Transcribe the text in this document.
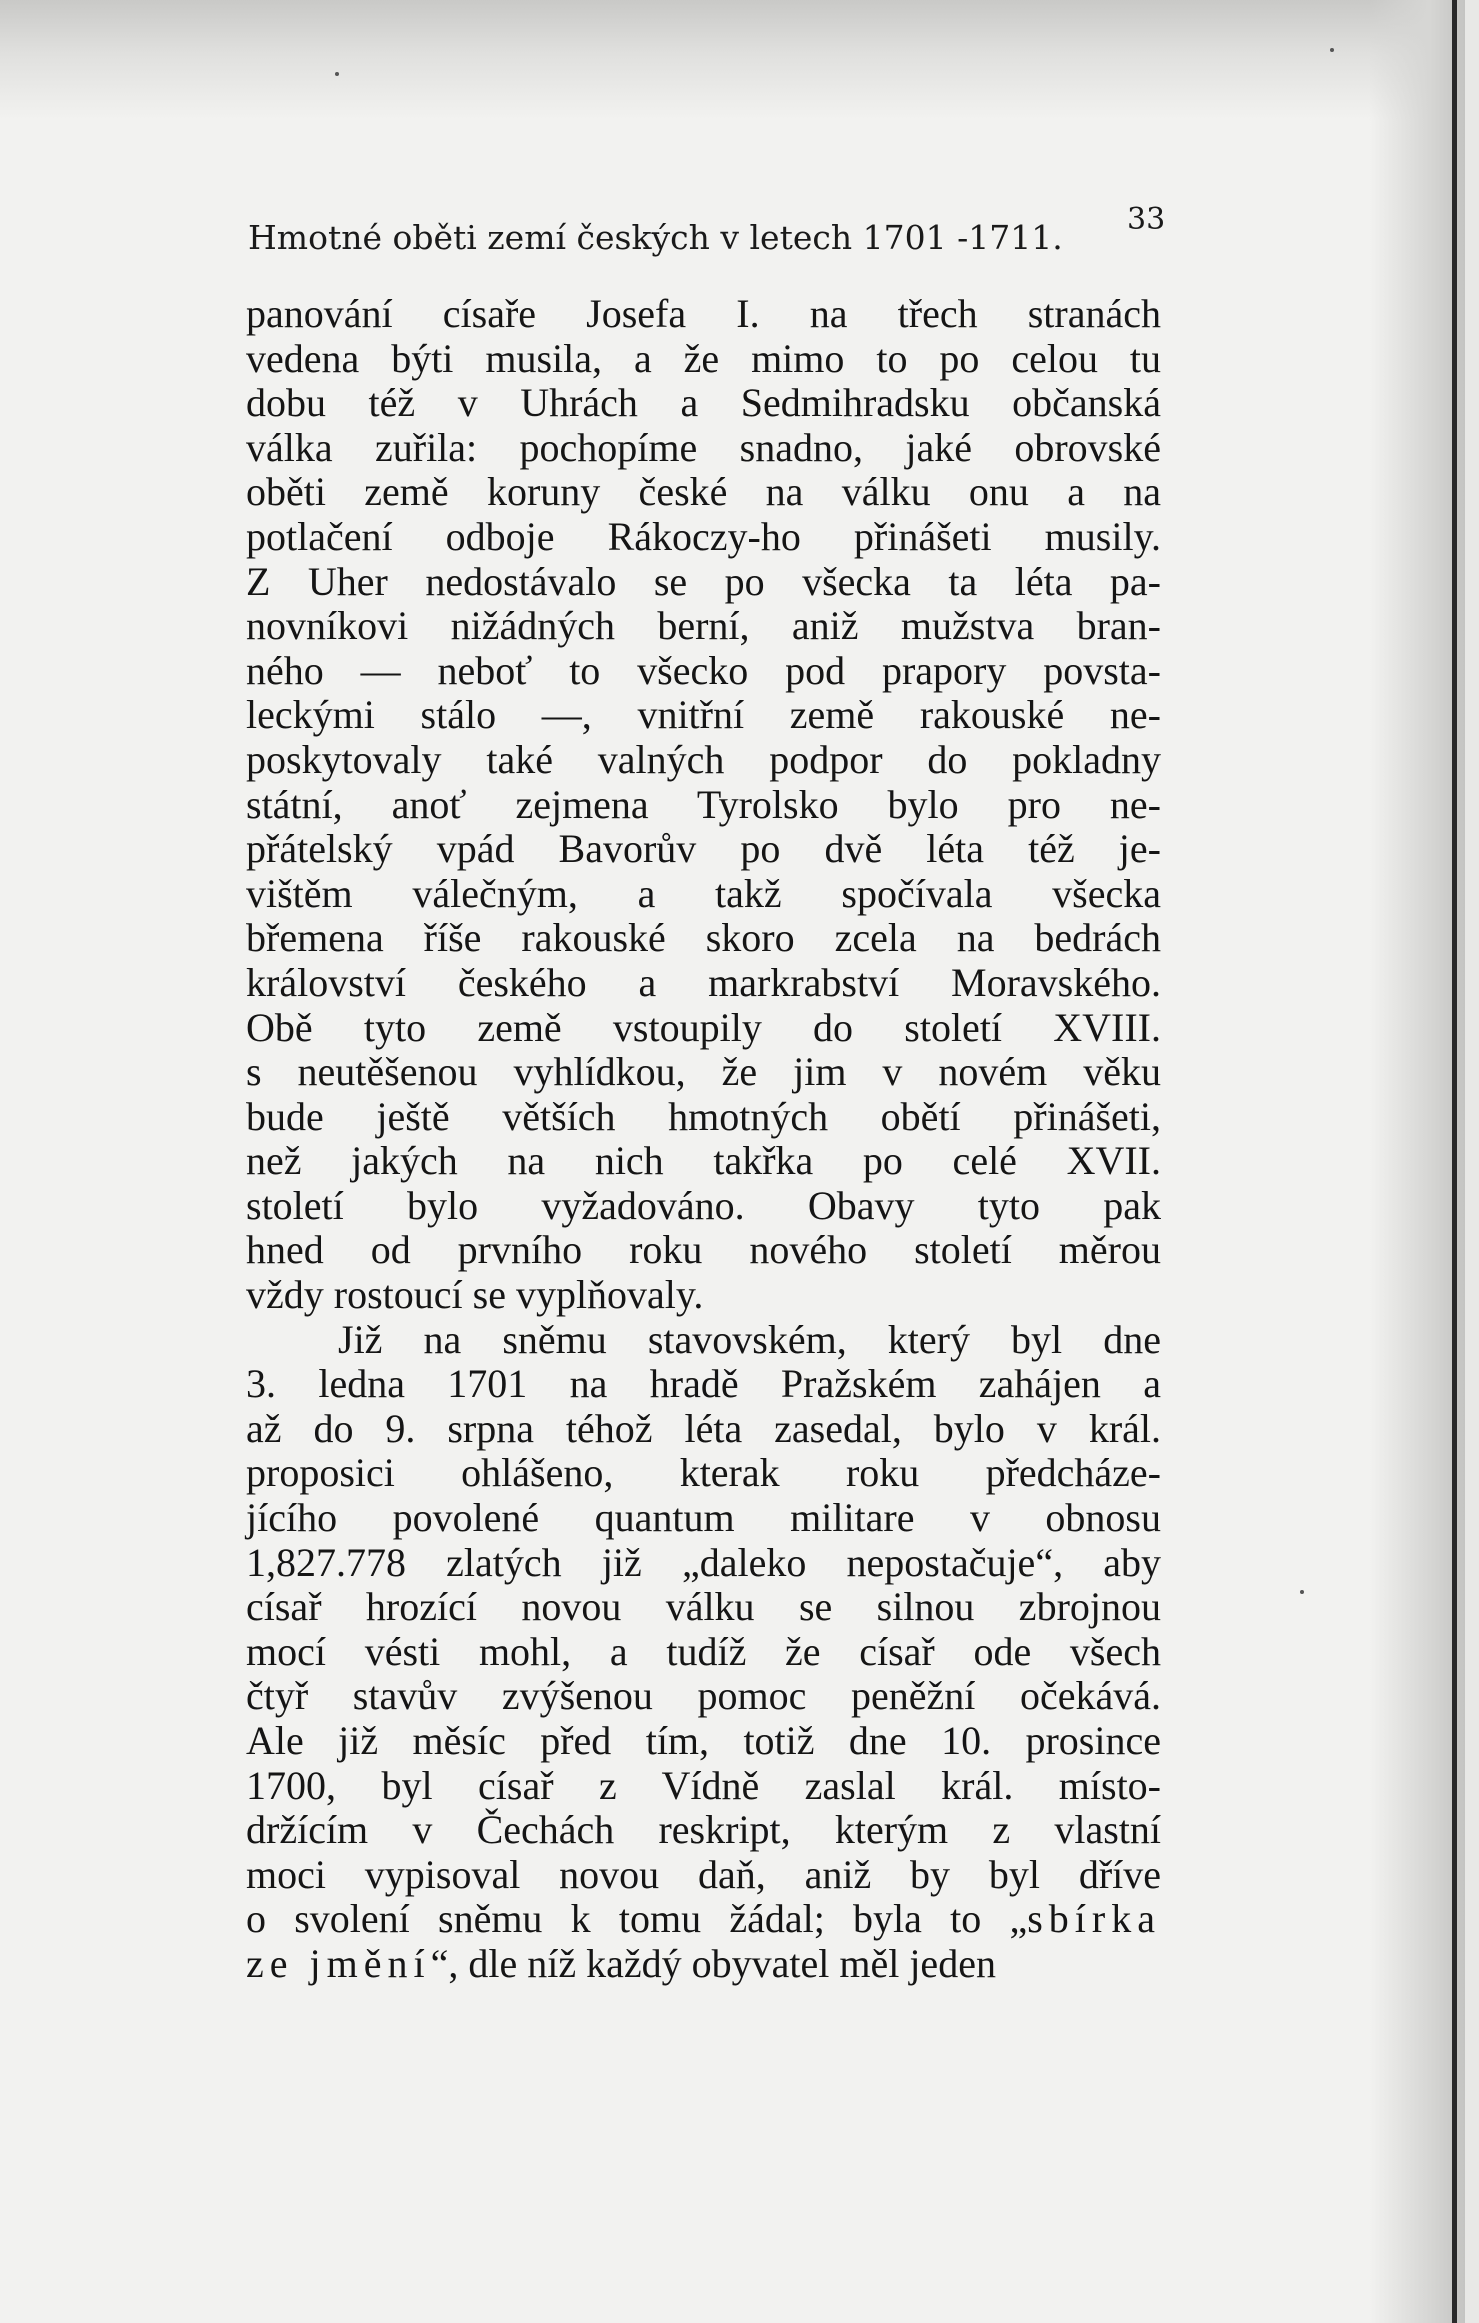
Hmotné oběti zemí českých v letech 1701 -1711.	33
panování císaře Josefa I. na třech stranách
vedena býti musila, a že mimo to po celou tu
dobu též v Uhrách a Sedmihradsku občanská
válka zuřila: pochopíme snadno, jaké obrovské
oběti země koruny české na válku onu a na
potlačení odboje Rákoczy-ho přinášeti musily.
Z Uher nedostávalo se po všecka ta léta pa-
novníkovi nižádných berní, aniž mužstva bran-
ného — neboť to všecko pod prapory povsta-
leckými stálo —, vnitřní země rakouské ne-
poskytovaly také valných podpor do pokladny
státní, anoť zejmena Tyrolsko bylo pro ne-
přátelský vpád Bavorův po dvě léta též je-
vištěm válečným, a takž spočívala všecka
břemena říše rakouské skoro zcela na bedrách
království českého a markrabství Moravského.
Obě tyto země vstoupily do století XVIII.
s neutěšenou vyhlídkou, že jim v novém věku
bude ještě větších hmotných obětí přinášeti,
než jakých na nich takřka po celé XVII.
století bylo vyžadováno. Obavy tyto pak
hned od prvního roku nového století měrou
vždy rostoucí se vyplňovaly.
Již na sněmu stavovském, který byl dne
3. ledna 1701 na hradě Pražském zahájen a
až do 9. srpna téhož léta zasedal, bylo v král.
proposici ohlášeno, kterak roku předcháze-
jícího povolené quantum militare v obnosu
1,827.778 zlatých již „daleko nepostačuje“, aby
císař hrozící novou válku se silnou zbrojnou
mocí vésti mohl, a tudíž že císař ode všech
čtyř stavův zvýšenou pomoc peněžní očekává.
Ale již měsíc před tím, totiž dne 10. prosince
1700, byl císař z Vídně zaslal král. místo-
držícím v Čechách reskript, kterým z vlastní
moci vypisoval novou daň, aniž by byl dříve
o svolení sněmu k tomu žádal; byla to „sbírka
ze jmění“, dle níž každý obyvatel měl jeden
